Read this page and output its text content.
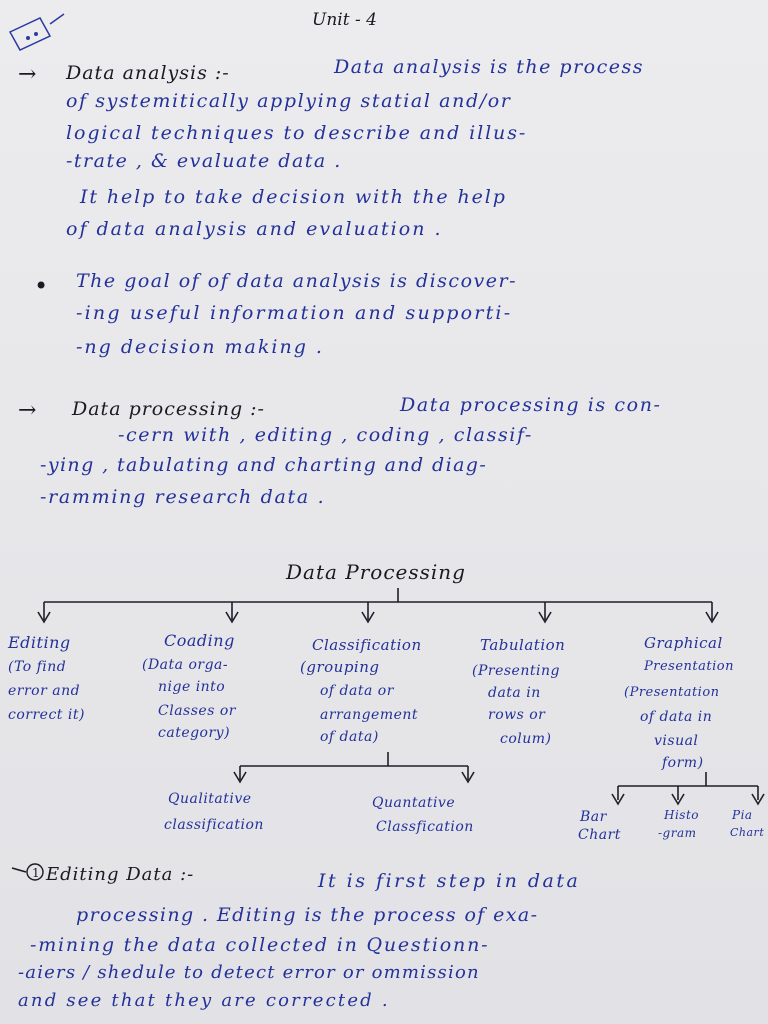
Unit - 4
→ Data analysis :-	Data analysis is the process
of systemitically applying statial and/or
logical techniques to describe and illus-
-trate , & evaluate data .
It help to take decision with the help
of data analysis and evaluation .
• The goal of of data analysis is discover-
-ing useful information and supporti-
-ng decision making .
→ Data processing :-	Data processing is con-
-cern with , editing , coding , classif-
-ying , tabulating and charting and diag-
-ramming research data .
Data Processing
Editing
(To find
error and
correct it)
Coading
(Data orga-
nige into
Classes or
category)
Classification
(grouping
of data or
arrangement
of data)
Tabulation
(Presenting
data in
rows or
colum)
Graphical
Presentation
(Presentation
of data in
visual
form)
Qualitative
classification
Quantative
Classfication
Bar
Chart
Histo
-gram
Pia
Chart
1 Editing Data :-	It is first step in data
processing . Editing is the process of exa-
-mining the data collected in Questionn-
-aiers / shedule to detect error or ommission
and see that they are corrected .
